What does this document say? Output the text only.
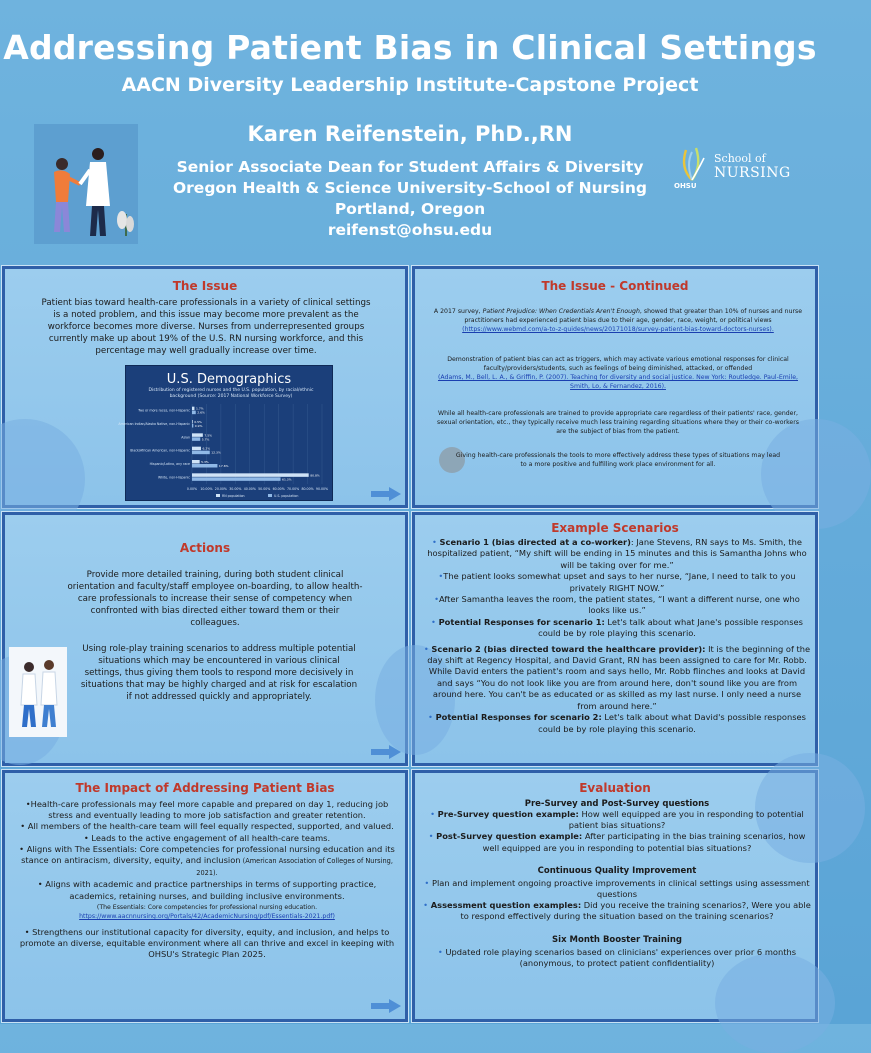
Addressing Patient Bias in Clinical Settings
AACN Diversity Leadership Institute-Capstone Project
Karen Reifenstein, PhD.,RN
Senior Associate Dean for Student Affairs & Diversity
Oregon Health & Science University-School of Nursing
Portland, Oregon
reifenst@ohsu.edu
OHSU
School of
NURSING
The Issue
Patient bias toward health-care professionals in a variety of clinical settings is a noted problem, and this issue may become more prevalent as the workforce becomes more diverse. Nurses from underrepresented groups currently make up about 19% of the U.S. RN nursing workforce, and this percentage may well gradually increase over time.
U.S. Demographics
Distribution of registered nurses and the U.S. population, by racial/ethnic background (Source: 2017 National Workforce Survey)
0.00% 10.00% 20.00% 30.00% 40.00% 50.00% 60.00% 70.00% 80.00% 90.00%
Two or more races, non-Hispanic 1.7%
2.6%
American Indian/Alaska Native, non-Hispanic 0.5%
0.9%
Asian	7.5%
5.7%
Black/African American, non-Hispanic	6.2%
12.3%
Hispanic/Latino, any race	5.3%
17.6%
White, non-Hispanic	80.8%
61.3%
RN population	U.S. population
The Issue - Continued
A 2017 survey, Patient Prejudice: When Credentials Aren't Enough, showed that greater than 10% of nurses and nurse practitioners had experienced patient bias due to their age, gender, race, weight, or political views
(https://www.webmd.com/a-to-z-guides/news/20171018/survey-patient-bias-toward-doctors-nurses).
Demonstration of patient bias can act as triggers, which may activate various emotional responses for clinical faculty/providers/students, such as feelings of being diminished, attacked, or offended
(Adams, M., Bell, L. A., & Griffin, P. (2007). Teaching for diversity and social justice. New York: Routledge. Paul-Emile, Smith, Lo, & Fernandez, 2016).
While all health-care professionals are trained to provide appropriate care regardless of their patients' race, gender, sexual orientation, etc., they typically receive much less training regarding situations where they or their co-workers are the subject of bias from the patient.
Giving health-care professionals the tools to more effectively address these types of situations may lead to a more positive and fulfilling work place environment for all.
Actions
Provide more detailed training, during both student clinical orientation and faculty/staff employee on-boarding, to allow health-care professionals to increase their sense of competency when confronted with bias directed either toward them or their colleagues.
Using role-play training scenarios to address multiple potential situations which may be encountered in various clinical settings, thus giving them tools to respond more decisively in situations that may be highly charged and at risk for escalation if not addressed quickly and appropriately.
Example Scenarios

• Scenario 1 (bias directed at a co-worker): Jane Stevens, RN says to Ms. Smith, the hospitalized patient, “My shift will be ending in 15 minutes and this is Samantha Johns who will be taking over for me.”

•The patient looks somewhat upset and says to her nurse, “Jane, I need to talk to you privately RIGHT NOW.”

•After Samantha leaves the room, the patient states, “I want a different nurse, one who looks like us.”

• Potential Responses for scenario 1: Let's talk about what Jane's possible responses could be by role playing this scenario.

• Scenario 2 (bias directed toward the healthcare provider): It is the beginning of the day shift at Regency Hospital, and David Grant, RN has been assigned to care for Mr. Robb. While David enters the patient's room and says hello, Mr. Robb flinches and looks at David and says “You do not look like you are from around here, don't sound like you are from around here. You can't be as educated or as skilled as my last nurse. I only need a nurse from around here.”

• Potential Responses for scenario 2: Let's talk about what David's possible responses could be by role playing this scenario.

The Impact of Addressing Patient Bias

•Health-care professionals may feel more capable and prepared on day 1, reducing job stress and eventually leading to more job satisfaction and greater retention.

• All members of the health-care team will feel equally respected, supported, and valued.

• Leads to the active engagement of all health-care teams.

• Aligns with The Essentials: Core competencies for professional nursing education and its stance on antiracism, diversity, equity, and inclusion (American Association of Colleges of Nursing, 2021).

• Aligns with academic and practice partnerships in terms of supporting practice, academics, retaining nurses, and building inclusive environments.

(The Essentials: Core competencies for professional nursing education.
https://www.aacnnursing.org/Portals/42/AcademicNursing/pdf/Essentials-2021.pdf)

• Strengthens our institutional capacity for diversity, equity, and inclusion, and helps to promote an diverse, equitable environment where all can thrive and excel in keeping with OHSU's Strategic Plan 2025.

Evaluation
Pre-Survey and Post-Survey questions

• Pre-Survey question example: How well equipped are you in responding to potential patient bias situations?

• Post-Survey question example: After participating in the bias training scenarios, how well equipped are you in responding to potential bias situations?

Continuous Quality Improvement

• Plan and implement ongoing proactive improvements in clinical settings using assessment questions

• Assessment question examples: Did you receive the training scenarios?, Were you able to respond effectively during the situation based on the training scenarios?

Six Month Booster Training

• Updated role playing scenarios based on clinicians' experiences over prior 6 months (anonymous, to protect patient confidentiality)
